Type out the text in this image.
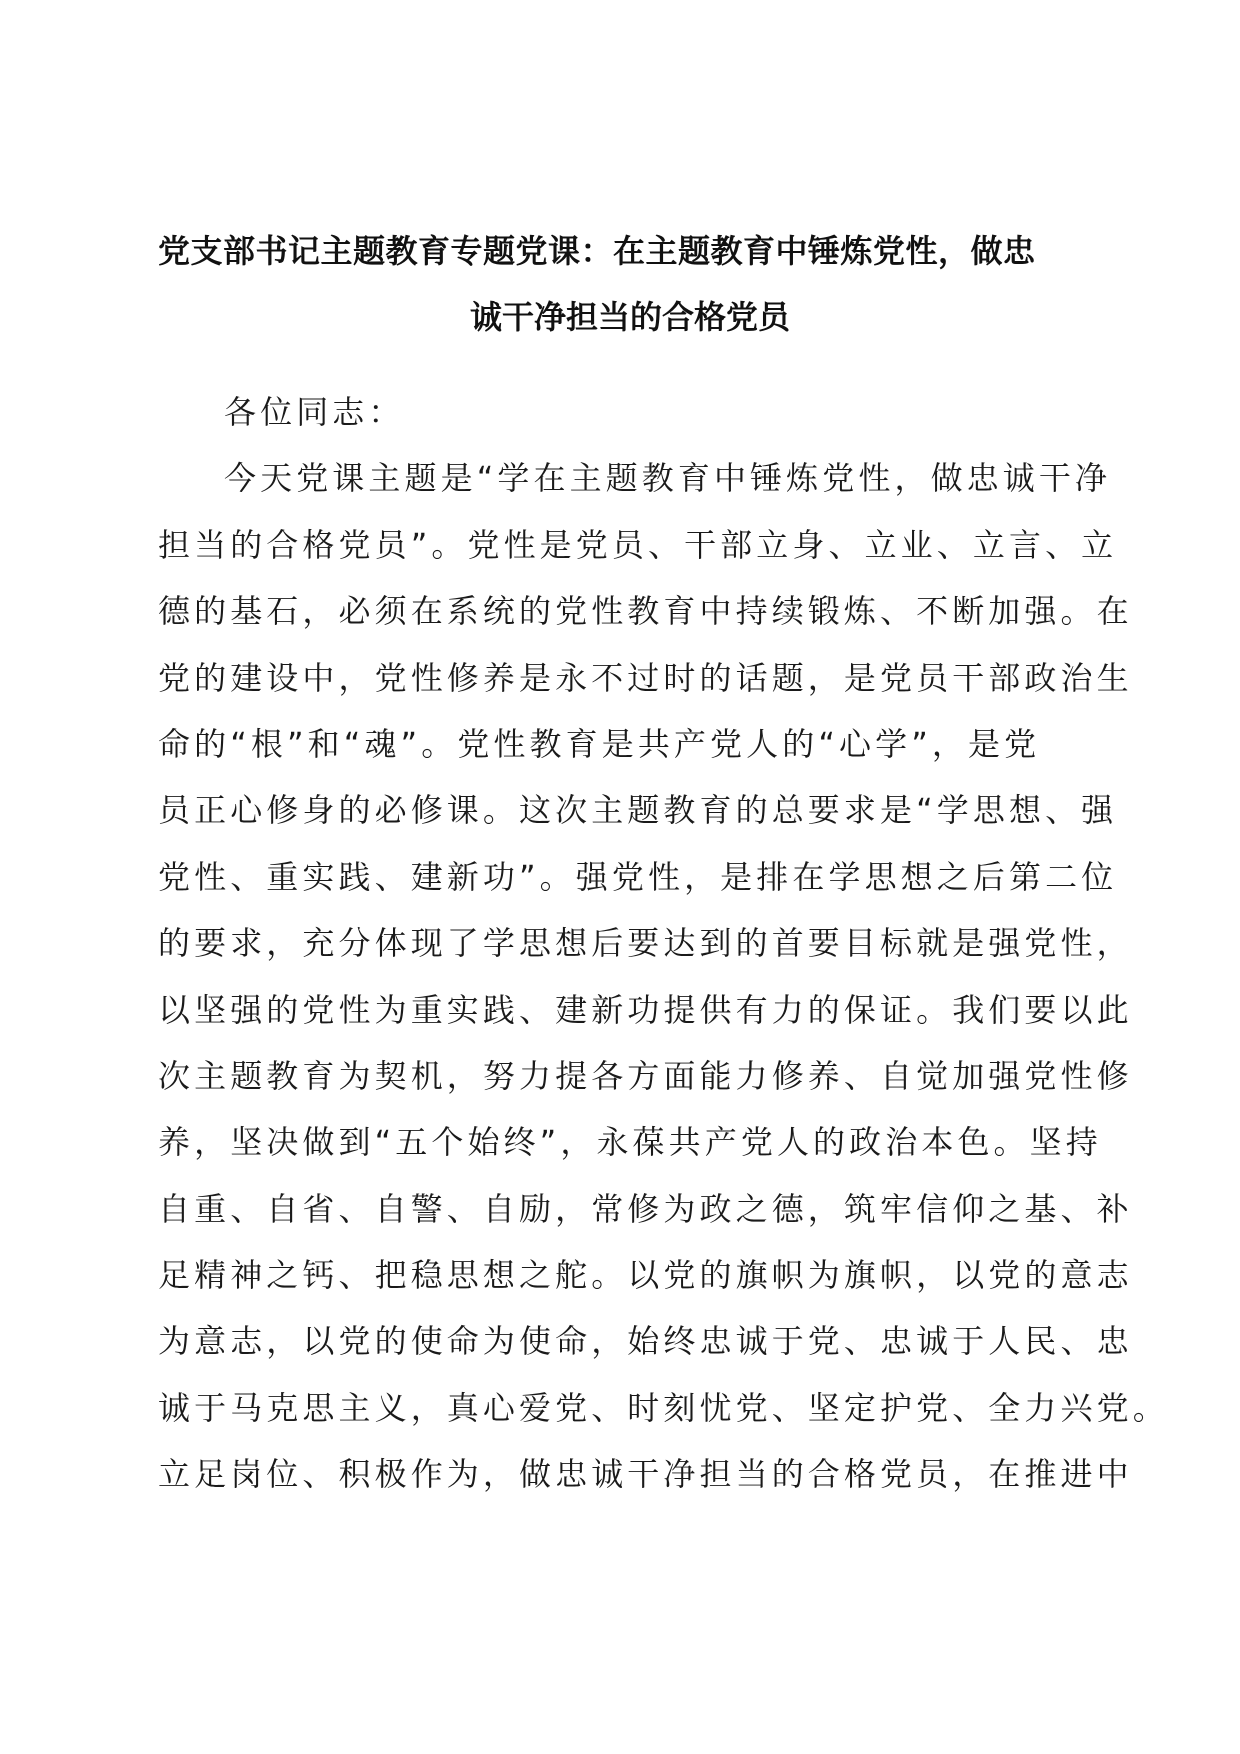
党支部书记主题教育专题党课：在主题教育中锤炼党性，做忠
诚干净担当的合格党员
各位同志：
今天党课主题是“学在主题教育中锤炼党性，做忠诚干净
担当的合格党员”。党性是党员、干部立身、立业、立言、立
德的基石，必须在系统的党性教育中持续锻炼、不断加强。在
党的建设中，党性修养是永不过时的话题，是党员干部政治生
命的“根”和“魂”。党性教育是共产党人的“心学”，是党
员正心修身的必修课。这次主题教育的总要求是“学思想、强
党性、重实践、建新功”。强党性，是排在学思想之后第二位
的要求，充分体现了学思想后要达到的首要目标就是强党性，
以坚强的党性为重实践、建新功提供有力的保证。我们要以此
次主题教育为契机，努力提各方面能力修养、自觉加强党性修
养，坚决做到“五个始终”，永葆共产党人的政治本色。坚持
自重、自省、自警、自励，常修为政之德，筑牢信仰之基、补
足精神之钙、把稳思想之舵。以党的旗帜为旗帜，以党的意志
为意志，以党的使命为使命，始终忠诚于党、忠诚于人民、忠
诚于马克思主义，真心爱党、时刻忧党、坚定护党、全力兴党。
立足岗位、积极作为，做忠诚干净担当的合格党员，在推进中
